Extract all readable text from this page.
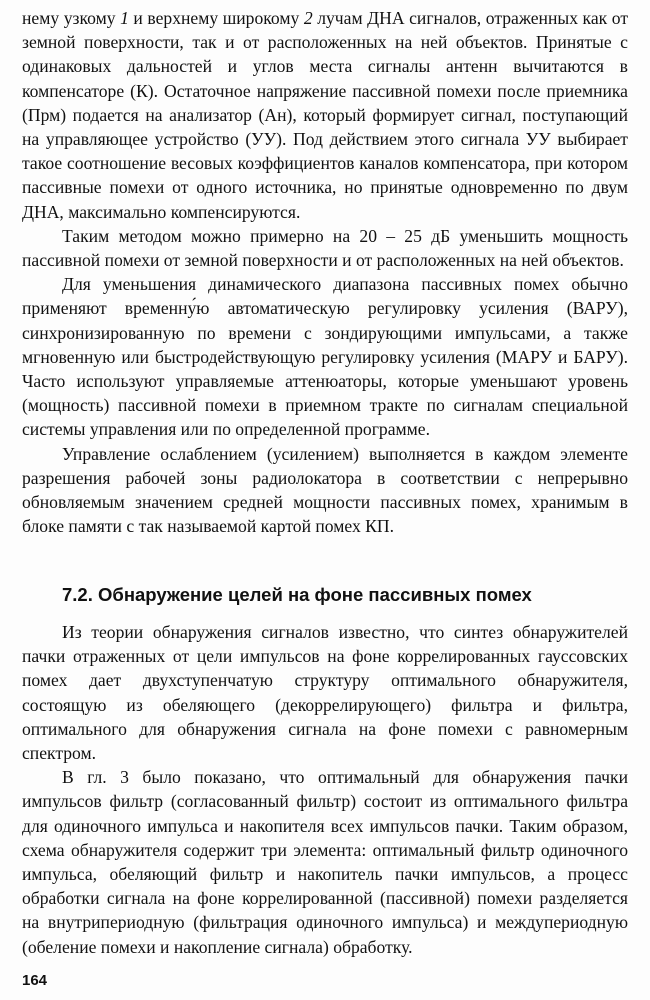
нему узкому 1 и верхнему широкому 2 лучам ДНА сигналов, отраженных как от земной поверхности, так и от расположенных на ней объектов. Принятые с одинаковых дальностей и углов места сигналы антенн вычитаются в компенсаторе (К). Остаточное напряжение пассивной помехи после приемника (Прм) подается на анализатор (Ан), который формирует сигнал, поступающий на управляющее устройство (УУ). Под действием этого сигнала УУ выбирает такое соотношение весовых коэффициентов каналов компенсатора, при котором пассивные помехи от одного источника, но принятые одновременно по двум ДНА, максимально компенсируются.

Таким методом можно примерно на 20 – 25 дБ уменьшить мощность пассивной помехи от земной поверхности и от расположенных на ней объектов.

Для уменьшения динамического диапазона пассивных помех обычно применяют временну́ю автоматическую регулировку усиления (ВАРУ), синхронизированную по времени с зондирующими импульсами, а также мгновенную или быстродействующую регулировку усиления (МАРУ и БАРУ). Часто используют управляемые аттенюаторы, которые уменьшают уровень (мощность) пассивной помехи в приемном тракте по сигналам специальной системы управления или по определенной программе.

Управление ослаблением (усилением) выполняется в каждом элементе разрешения рабочей зоны радиолокатора в соответствии с непрерывно обновляемым значением средней мощности пассивных помех, хранимым в блоке памяти с так называемой картой помех КП.

7.2. Обнаружение целей на фоне пассивных помех

Из теории обнаружения сигналов известно, что синтез обнаружителей пачки отраженных от цели импульсов на фоне коррелированных гауссовских помех дает двухступенчатую структуру оптимального обнаружителя, состоящую из обеляющего (декоррелирующего) фильтра и фильтра, оптимального для обнаружения сигнала на фоне помехи с равномерным спектром.

В гл. 3 было показано, что оптимальный для обнаружения пачки импульсов фильтр (согласованный фильтр) состоит из оптимального фильтра для одиночного импульса и накопителя всех импульсов пачки. Таким образом, схема обнаружителя содержит три элемента: оптимальный фильтр одиночного импульса, обеляющий фильтр и накопитель пачки импульсов, а процесс обработки сигнала на фоне коррелированной (пассивной) помехи разделяется на внутрипериодную (фильтрация одиночного импульса) и междупериодную (обеление помехи и накопление сигнала) обработку.

164
